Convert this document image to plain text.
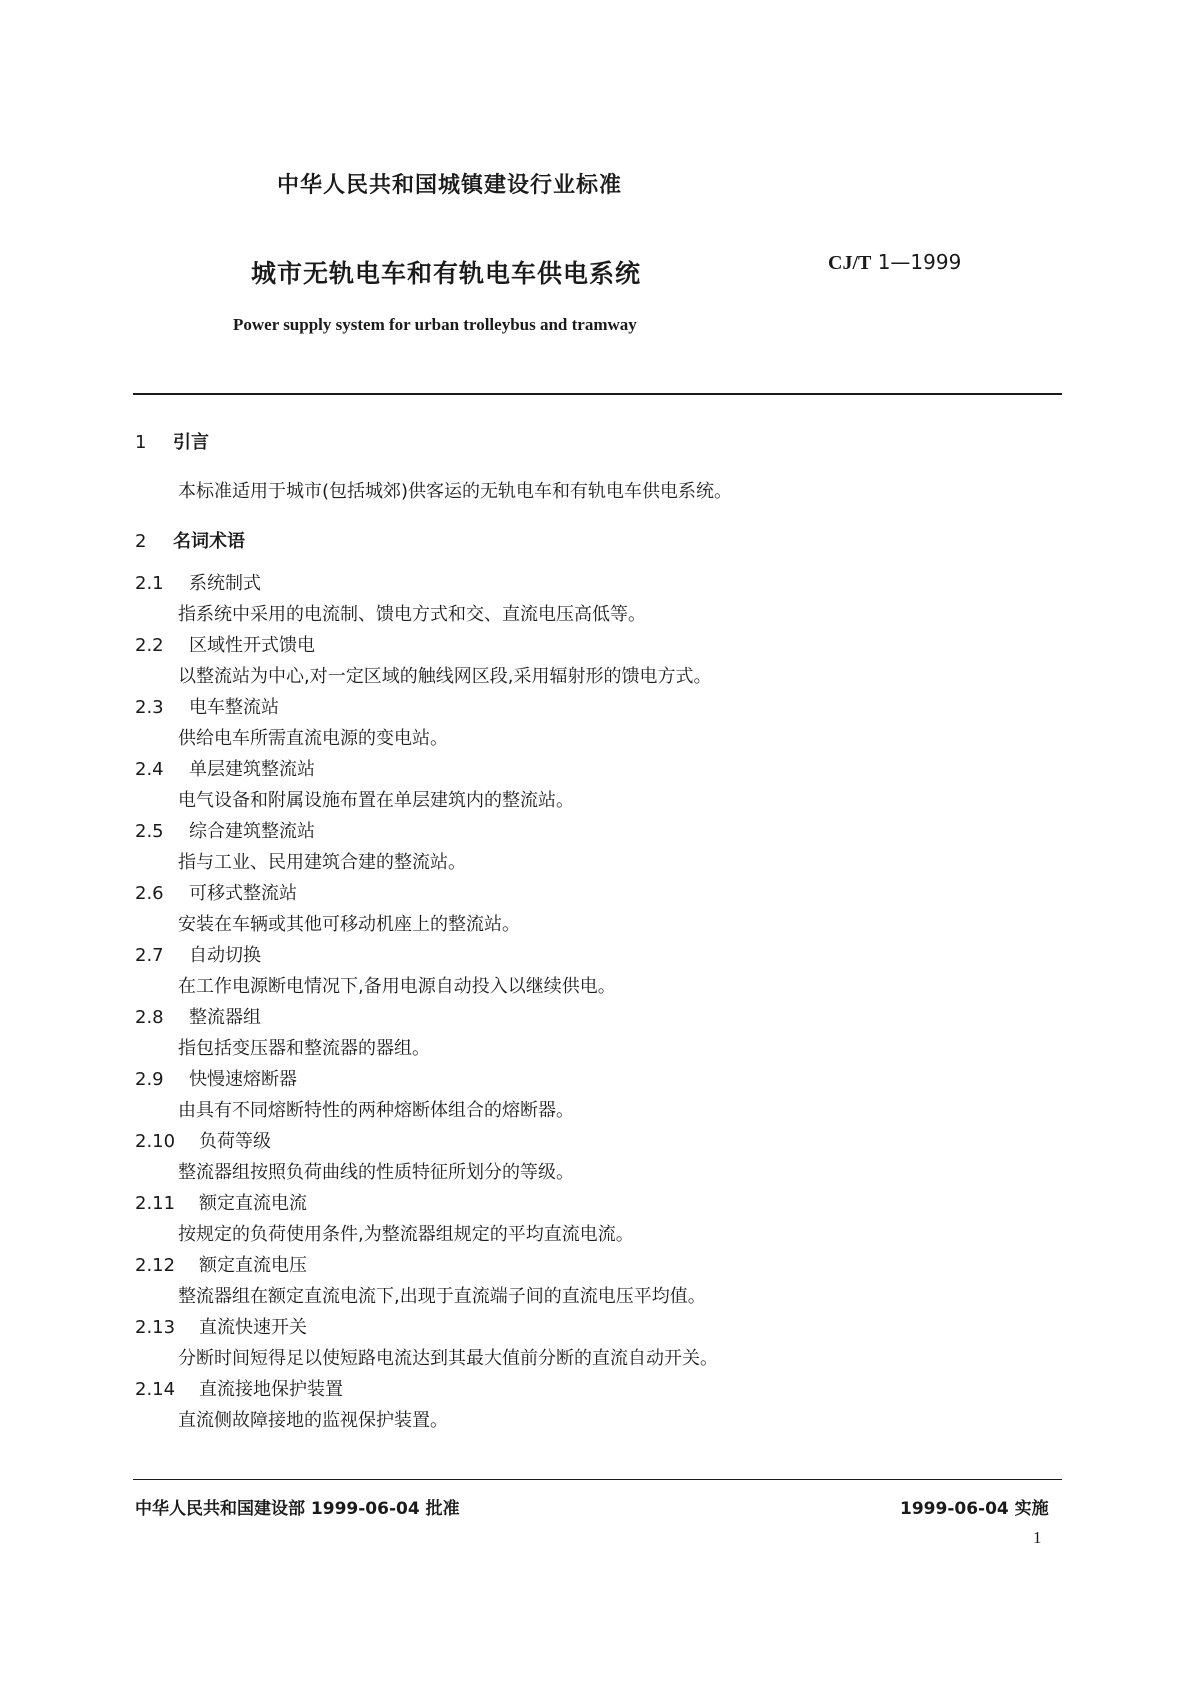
中华人民共和国城镇建设行业标准
城市无轨电车和有轨电车供电系统	CJ/T 1—1999
Power supply system for urban trolleybus and tramway
1 引言
本标准适用于城市(包括城郊)供客运的无轨电车和有轨电车供电系统。
2 名词术语
2.1 系统制式
指系统中采用的电流制、馈电方式和交、直流电压高低等。
2.2 区域性开式馈电
以整流站为中心,对一定区域的触线网区段,采用辐射形的馈电方式。
2.3 电车整流站
供给电车所需直流电源的变电站。
2.4 单层建筑整流站
电气设备和附属设施布置在单层建筑内的整流站。
2.5 综合建筑整流站
指与工业、民用建筑合建的整流站。
2.6 可移式整流站
安装在车辆或其他可移动机座上的整流站。
2.7 自动切换
在工作电源断电情况下,备用电源自动投入以继续供电。
2.8 整流器组
指包括变压器和整流器的器组。
2.9 快慢速熔断器
由具有不同熔断特性的两种熔断体组合的熔断器。
2.10 负荷等级
整流器组按照负荷曲线的性质特征所划分的等级。
2.11 额定直流电流
按规定的负荷使用条件,为整流器组规定的平均直流电流。
2.12 额定直流电压
整流器组在额定直流电流下,出现于直流端子间的直流电压平均值。
2.13 直流快速开关
分断时间短得足以使短路电流达到其最大值前分断的直流自动开关。
2.14 直流接地保护装置
直流侧故障接地的监视保护装置。
中华人民共和国建设部 1999-06-04 批准	1999-06-04 实施
1
